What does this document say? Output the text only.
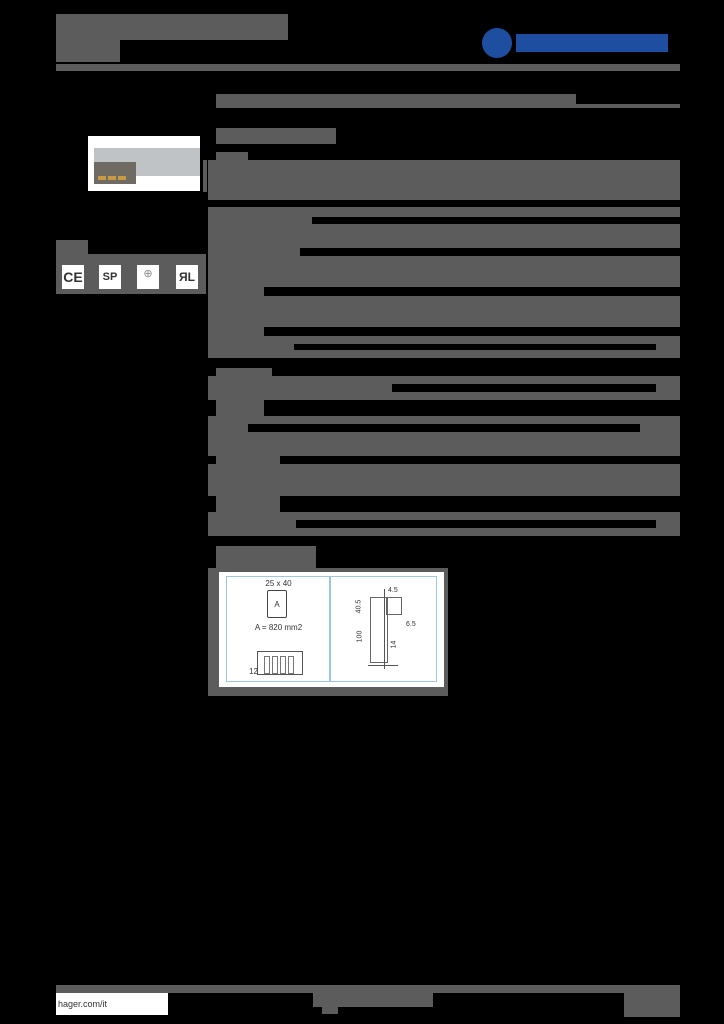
CE	SP	⊕	ЯL
25 x 40
A
A = 820 mm2
12
4.5
40.5
100
6.5
14
hager.com/it
